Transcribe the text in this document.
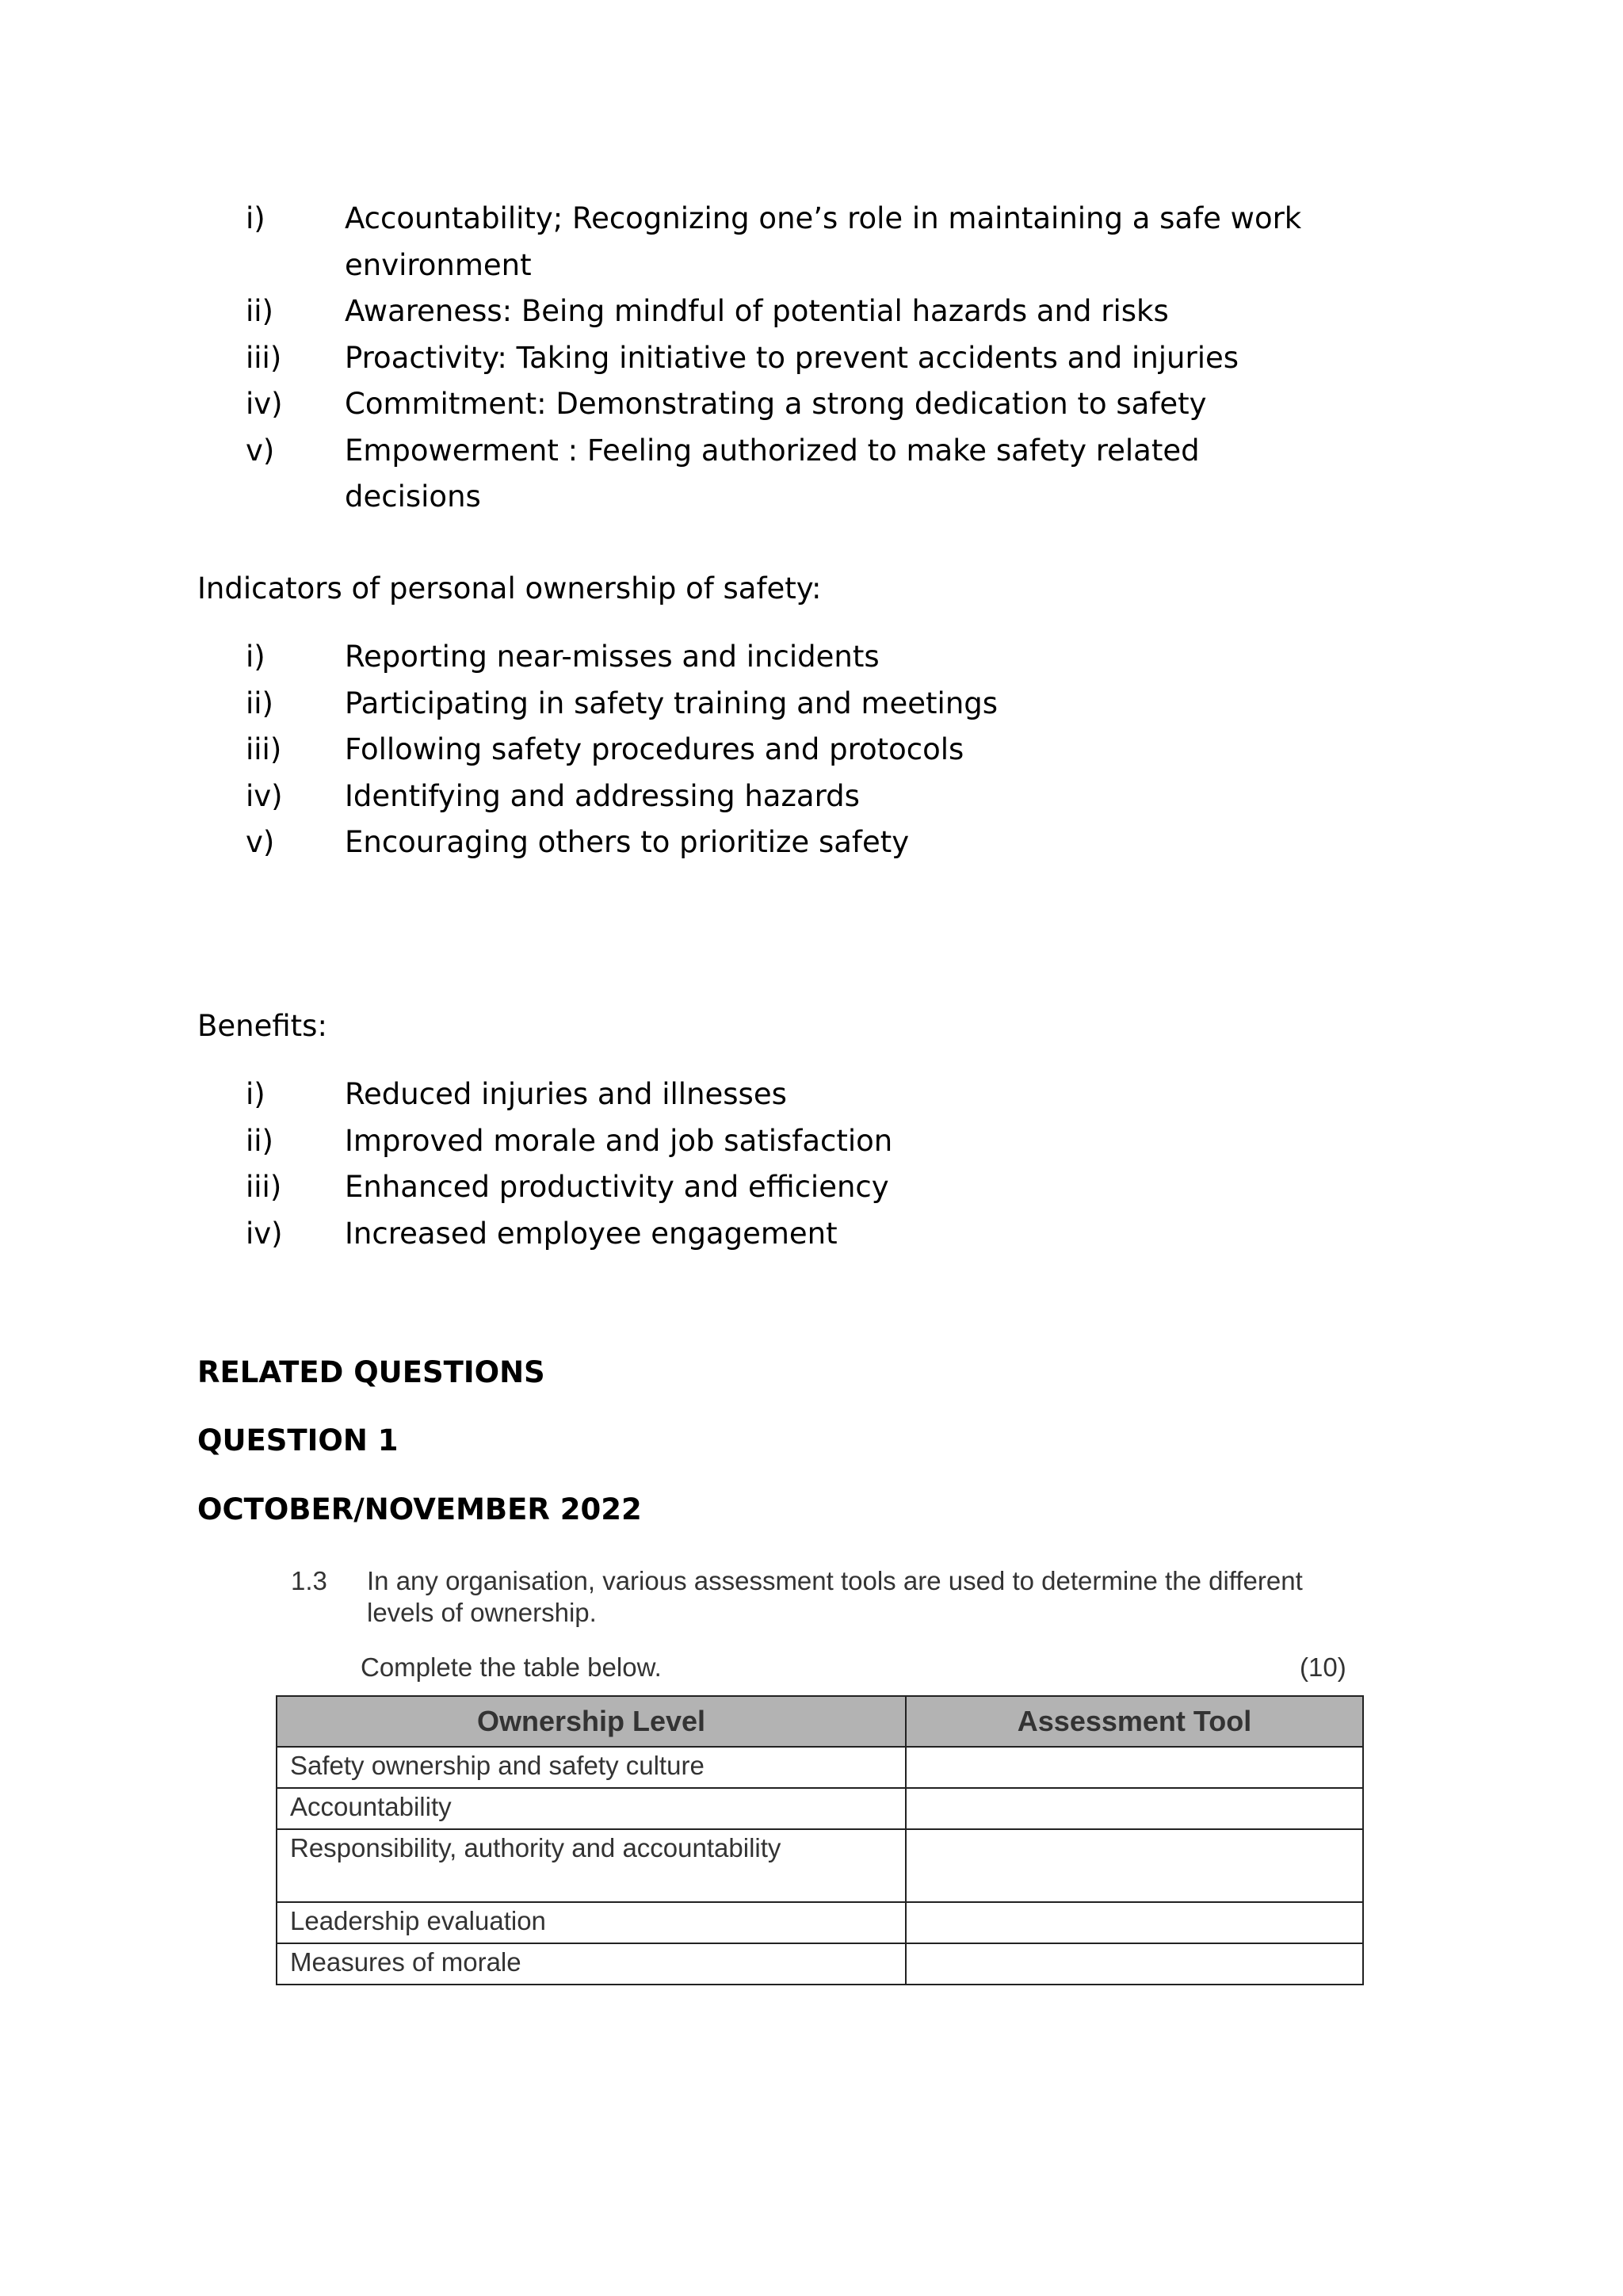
i)	Accountability; Recognizing one’s role in maintaining a safe work environment
ii) Awareness: Being mindful of potential hazards and risks
iii) Proactivity: Taking initiative to prevent accidents and injuries
iv) Commitment: Demonstrating a strong dedication to safety
v) Empowerment : Feeling authorized to make safety related decisions
Indicators of personal ownership of safety:
i)	Reporting near-misses and incidents
ii) Participating in safety training and meetings
iii) Following safety procedures and protocols
iv) Identifying and addressing hazards
v) Encouraging others to prioritize safety
Benefits:
i)	Reduced injuries and illnesses
ii) Improved morale and job satisfaction
iii) Enhanced productivity and efficiency
iv) Increased employee engagement
RELATED QUESTIONS
QUESTION 1
OCTOBER/NOVEMBER 2022
1.3 In any organisation, various assessment tools are used to determine the different levels of ownership.
Complete the table below.	(10)
Ownership Level	Assessment Tool
Safety ownership and safety culture	
Accountability	
Responsibility, authority and accountability	
Leadership evaluation	
Measures of morale	
